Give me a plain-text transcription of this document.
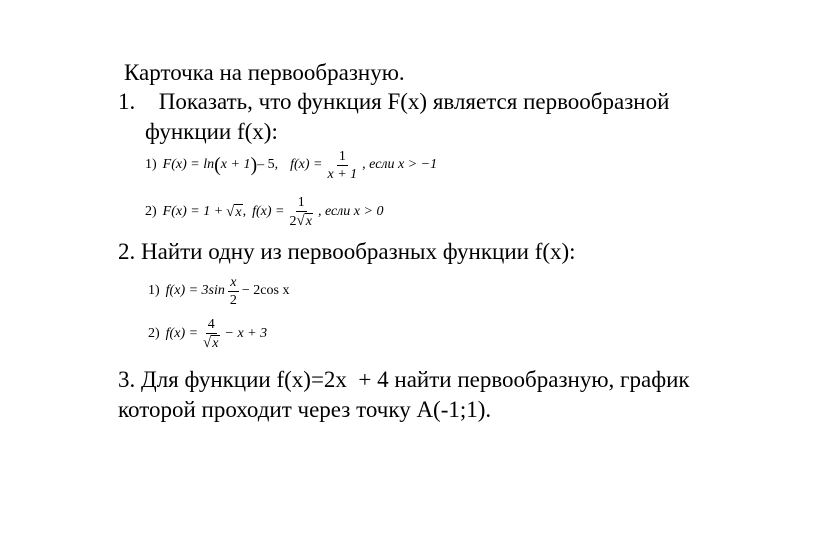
Карточка на первообразную.
1. Показать, что функция F(x) является первообразной
функции f(x):
1) F(x) = ln ( x + 1 ) – 5, $f(x) = \frac{1}{x + 1}$ , если x > −1
2) F(x) = 1 + √ x , $f(x) = \frac{1}{2 √ x}$ , если x > 0
2. Найти одну из первообразных функции f(x):
1) $f(x) = 3\sin \frac{x}{2} - 2\cos$ x
2) $f(x) = \frac{4}{√ x} - x + 3$
3. Для функции f(x)=2x  + 4 найти первообразную, график
которой проходит через точку А(-1;1).
